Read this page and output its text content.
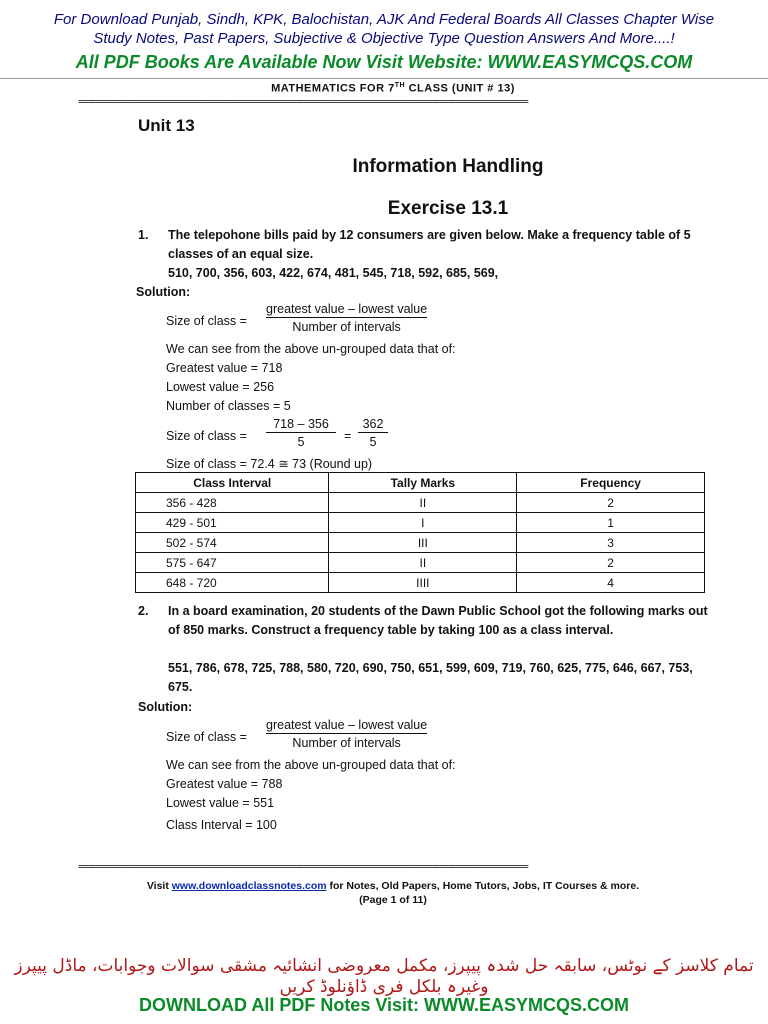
For Download Punjab, Sindh, KPK, Balochistan, AJK And Federal Boards All Classes Chapter Wise
Study Notes, Past Papers, Subjective & Objective Type Question Answers And More....!
All PDF Books Are Available Now Visit Website: WWW.EASYMCQS.COM
MATHEMATICS FOR 7TH CLASS (UNIT # 13)
================================================================================
Unit 13
Information Handling
Exercise 13.1
1. The telepohone bills paid by 12 consumers are given below. Make a frequency table of 5 classes of an equal size.
510, 700, 356, 603, 422, 674, 481, 545, 718, 592, 685, 569,
Solution:
Size of class =
greatest value – lowest value
Number of intervals
We can see from the above un-grouped data that of:
Greatest value = 718
Lowest value = 256
Number of classes = 5
Size of class = $\frac{718 - 356}{5} = \frac{362}{5}$
Size of class = 72.4 ≅ 73 (Round up)
Class Interval	Tally Marks	Frequency
356 - 428	II	2
429 - 501	I	1
502 - 574	III	3
575 - 647	II	2
648 - 720	IIII	4
2. In a board examination, 20 students of the Dawn Public School got the following marks out of 850 marks. Construct a frequency table by taking 100 as a class interval.
551, 786, 678, 725, 788, 580, 720, 690, 750, 651, 599, 609, 719, 760, 625, 775, 646, 667, 753, 675.
Solution:
Size of class =
greatest value – lowest value
Number of intervals
We can see from the above un-grouped data that of:
Greatest value = 788
Lowest value = 551
Class Interval = 100
================================================================================
Visit www.downloadclassnotes.com for Notes, Old Papers, Home Tutors, Jobs, IT Courses & more.
(Page 1 of 11)
تمام کلاسز کے نوٹس، سابقہ حل شدہ پیپرز، مکمل معروضی انشائیہ مشقی سوالات وجوابات، ماڈل پیپرز وغیرہ بلکل فری ڈاؤنلوڈ کریں
DOWNLOAD All PDF Notes Visit: WWW.EASYMCQS.COM
